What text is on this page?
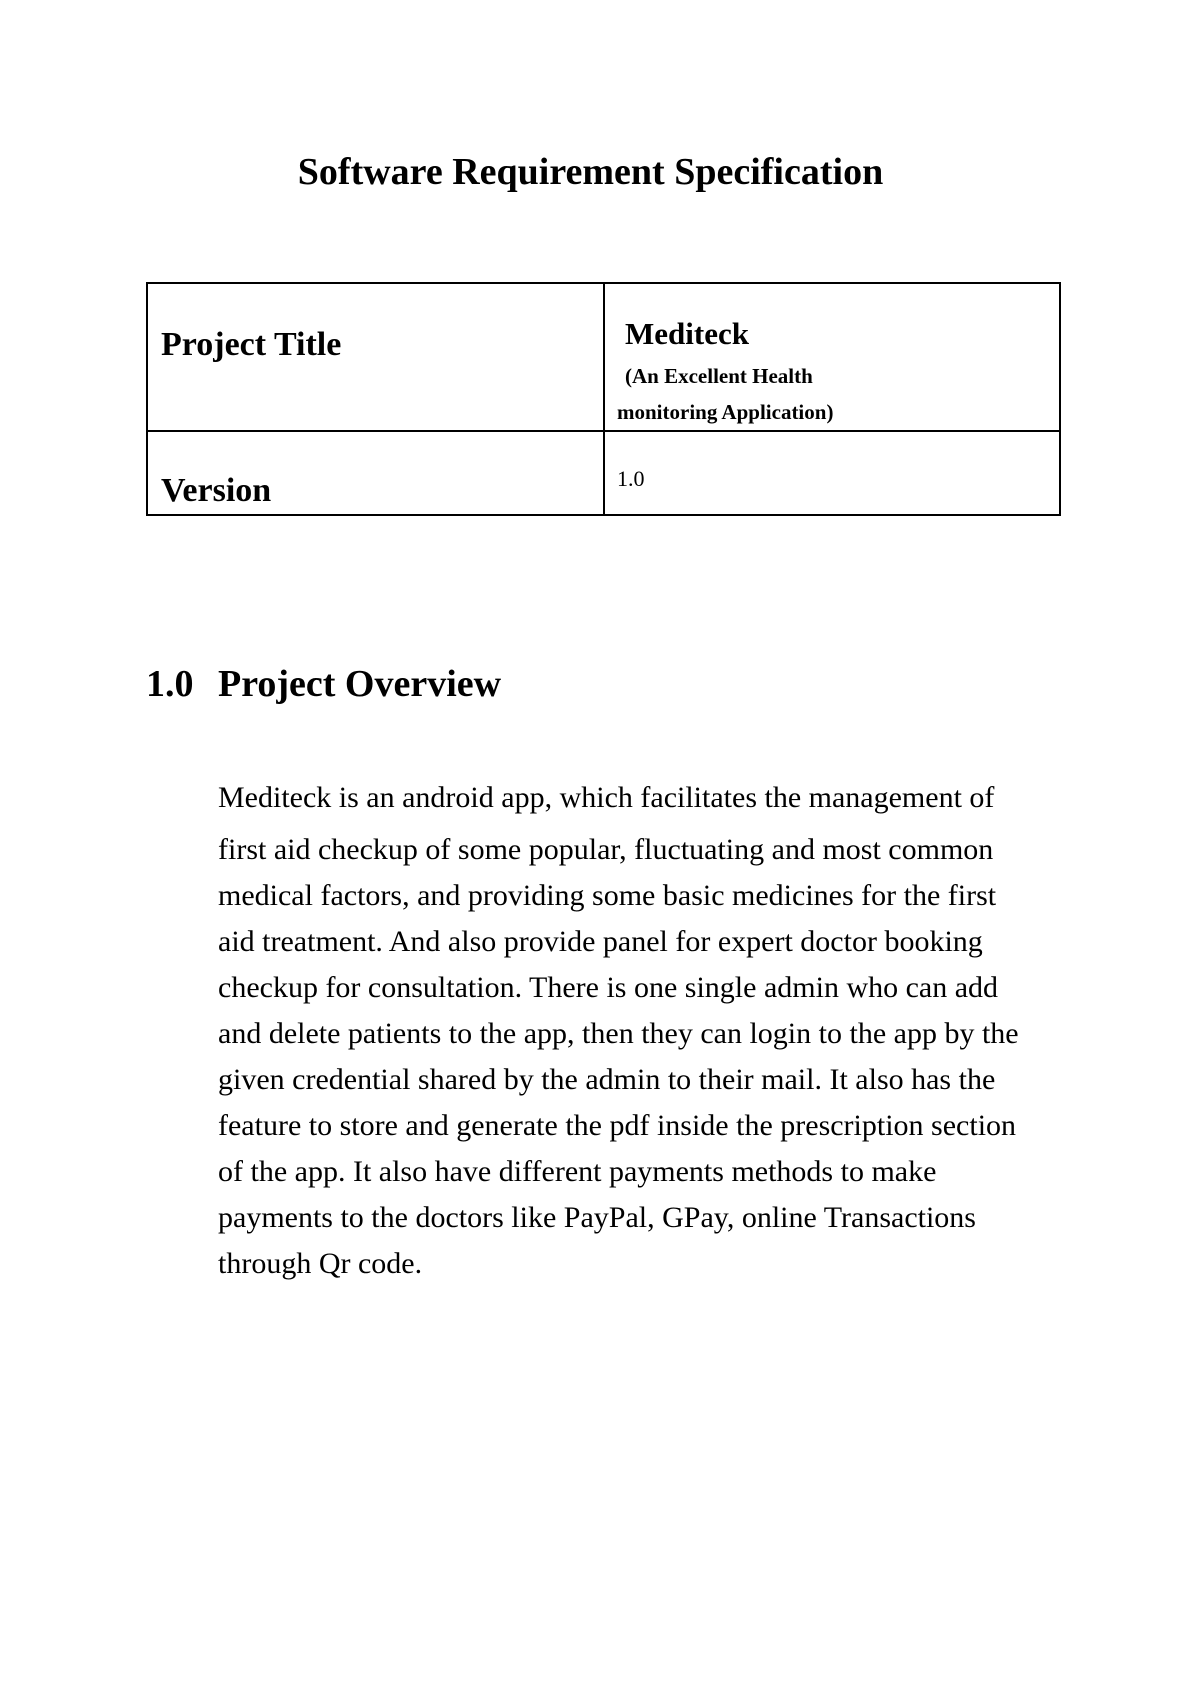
Software Requirement Specification
Project Title	Mediteck
(An Excellent Health
monitoring Application)

Version	1.0
1.0 Project Overview
Mediteck is an android app, which facilitates the management of
first aid checkup of some popular, fluctuating and most common
medical factors, and providing some basic medicines for the first
aid treatment. And also provide panel for expert doctor booking
checkup for consultation. There is one single admin who can add
and delete patients to the app, then they can login to the app by the
given credential shared by the admin to their mail. It also has the
feature to store and generate the pdf inside the prescription section
of the app. It also have different payments methods to make
payments to the doctors like PayPal, GPay, online Transactions
through Qr code.
